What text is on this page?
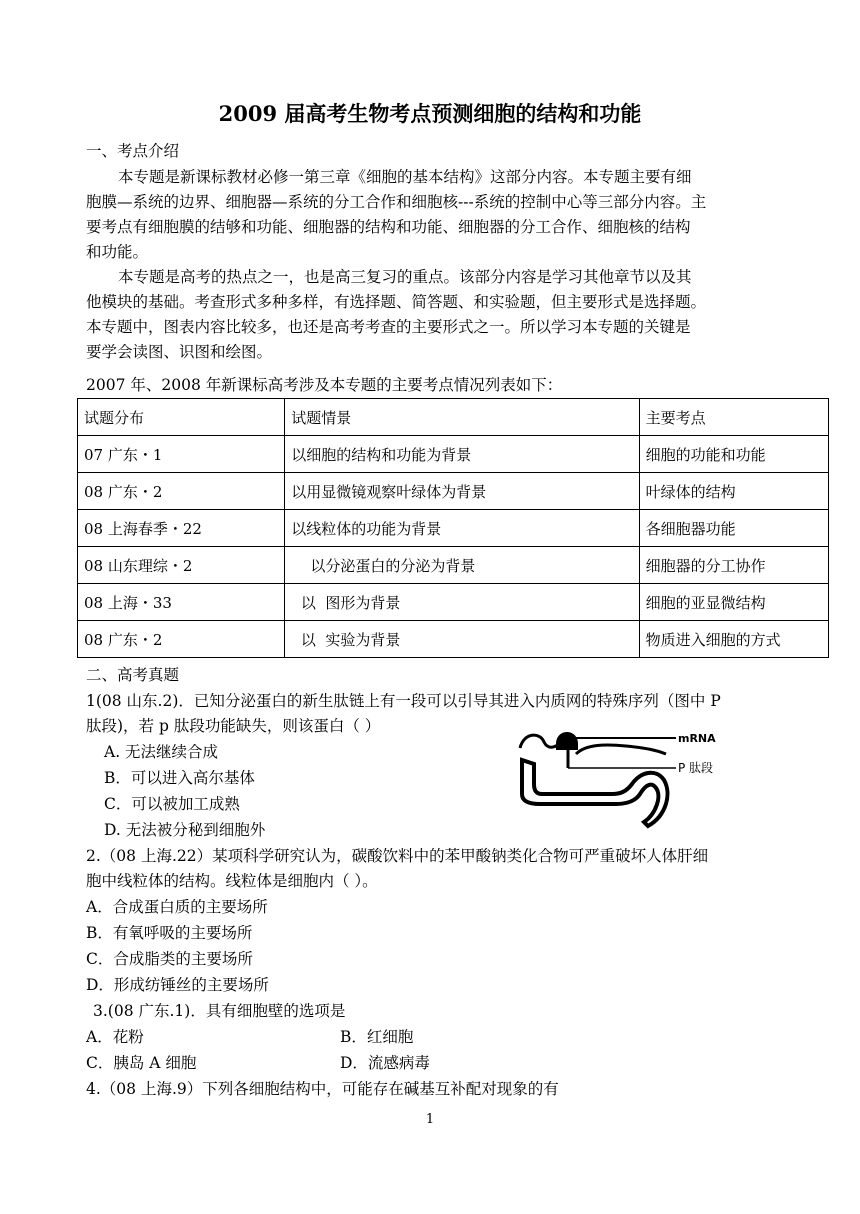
2009 届高考生物考点预测细胞的结构和功能
一、考点介绍
本专题是新课标教材必修一第三章《细胞的基本结构》这部分内容。本专题主要有细
胞膜—系统的边界、细胞器—系统的分工合作和细胞核---系统的控制中心等三部分内容。主
要考点有细胞膜的结够和功能、细胞器的结构和功能、细胞器的分工合作、细胞核的结构
和功能。
本专题是高考的热点之一，也是高三复习的重点。该部分内容是学习其他章节以及其
他模块的基础。考查形式多种多样，有选择题、简答题、和实验题，但主要形式是选择题。
本专题中，图表内容比较多，也还是高考考查的主要形式之一。所以学习本专题的关键是
要学会读图、识图和绘图。
2007 年、2008 年新课标高考涉及本专题的主要考点情况列表如下：
试题分布	试题情景	主要考点
07 广东・1	以细胞的结构和功能为背景	细胞的功能和功能
08 广东・2	以用显微镜观察叶绿体为背景	叶绿体的结构
08 上海春季・22	以线粒体的功能为背景	各细胞器功能
08 山东理综・2	以分泌蛋白的分泌为背景	细胞器的分工协作
08 上海・33	以  图形为背景	细胞的亚显微结构
08 广东・2	以  实验为背景	物质进入细胞的方式
二、高考真题
1(08 山东.2)．已知分泌蛋白的新生肽链上有一段可以引导其进入内质网的特殊序列（图中 P
肽段)，若 p 肽段功能缺失，则该蛋白（ ）
A. 无法继续合成
B．可以进入高尔基体
C．可以被加工成熟
D. 无法被分秘到细胞外
mRNA
P 肽段
2.（08 上海.22）某项科学研究认为，碳酸饮料中的苯甲酸钠类化合物可严重破坏人体肝细
胞中线粒体的结构。线粒体是细胞内（ ）。
A．合成蛋白质的主要场所
B．有氧呼吸的主要场所
C．合成脂类的主要场所
D．形成纺锤丝的主要场所
3.(08 广东.1)．具有细胞壁的选项是
A．花粉	B．红细胞
C．胰岛 A 细胞	D．流感病毒
4.（08 上海.9）下列各细胞结构中，可能存在碱基互补配对现象的有
1
